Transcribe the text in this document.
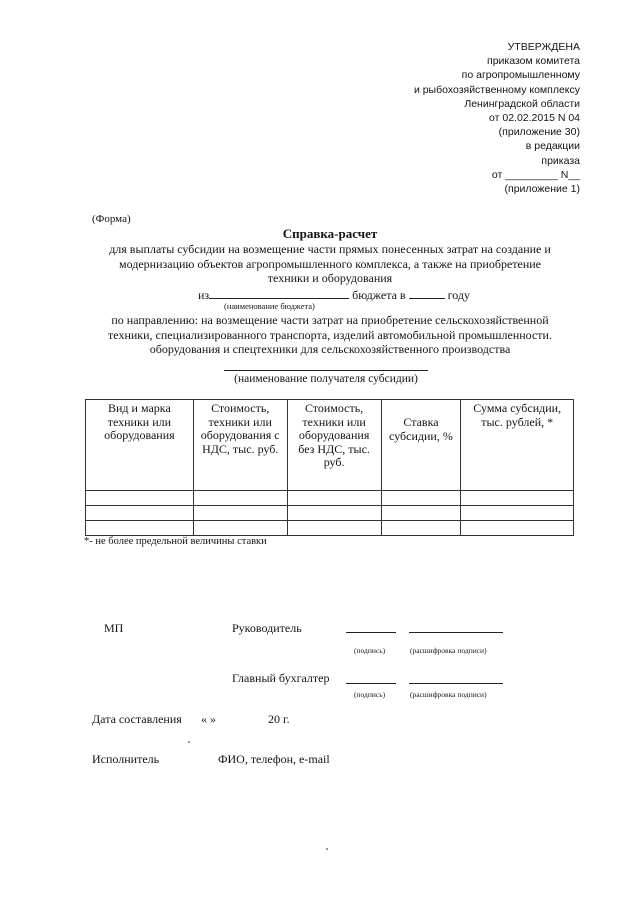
УТВЕРЖДЕНА
приказом комитета
по агропромышленному
и рыбохозяйственному комплексу
Ленинградской области
от 02.02.2015 N 04
(приложение 30)
в редакции
приказа
от _________ N__
(приложение 1)
(Форма)
Справка-расчет
для выплаты субсидии на возмещение части прямых понесенных затрат на создание и
модернизацию объектов агропромышленного комплекса, а также на приобретение
техники и оборудования
из	бюджета в	году
(наименование бюджета)
по направлению: на возмещение части затрат на приобретение сельскохозяйственной
техники, специализированного транспорта, изделий автомобильной промышленности.
оборудования и спецтехники для сельскохозяйственного производства
(наименование получателя субсидии)
Вид и марка техники или оборудования	Стоимость, техники или оборудования с НДС, тыс. руб.	Стоимость, техники или оборудования без НДС, тыс. руб.	Ставка субсидии, %	Сумма субсидии, тыс. рублей, *

*- не более предельной величины ставки
МП	Руководитель
(подпись)	(расшифровка подписи)
Главный бухгалтер
(подпись)	(расшифровка подписи)
Дата составления « »	20 г.
Исполнитель	ФИО, телефон, e-mail
